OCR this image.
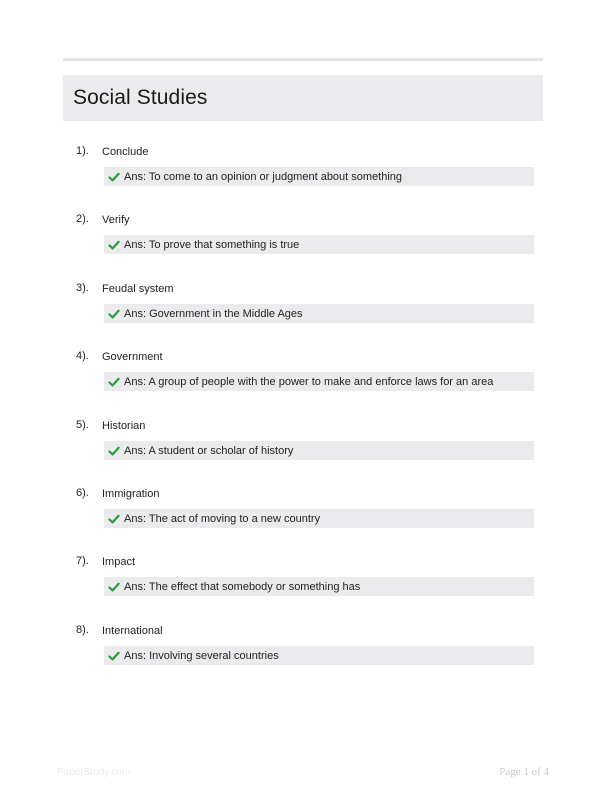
Social Studies
1). Conclude
Ans: To come to an opinion or judgment about something
2). Verify
Ans: To prove that something is true
3). Feudal system
Ans: Government in the Middle Ages
4). Government
Ans: A group of people with the power to make and enforce laws for an area
5). Historian
Ans: A student or scholar of history
6). Immigration
Ans: The act of moving to a new country
7). Impact
Ans: The effect that somebody or something has
8). International
Ans: Involving several countries
PaperStudy.com	Page 1 of 4
